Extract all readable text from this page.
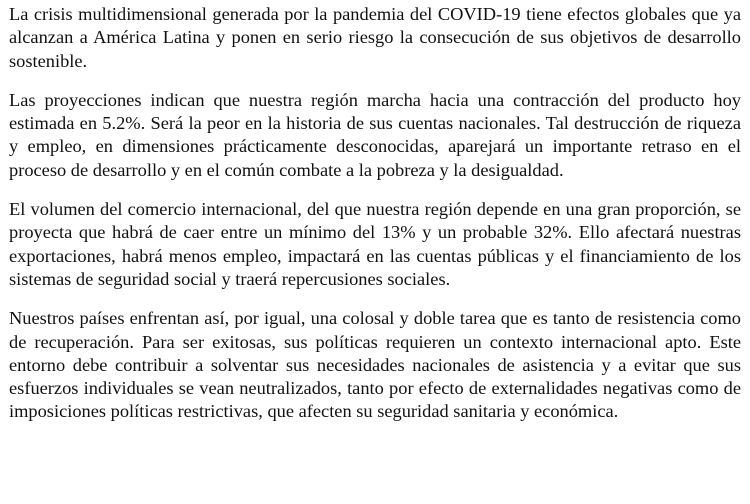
La crisis multidimensional generada por la pandemia del COVID-19 tiene efectos globales que ya alcanzan a América Latina y ponen en serio riesgo la consecución de sus objetivos de desarrollo sostenible.

Las proyecciones indican que nuestra región marcha hacia una contracción del producto hoy estimada en 5.2%. Será la peor en la historia de sus cuentas nacionales. Tal destrucción de riqueza y empleo, en dimensiones prácticamente desconocidas, aparejará un importante retraso en el proceso de desarrollo y en el común combate a la pobreza y la desigualdad.

El volumen del comercio internacional, del que nuestra región depende en una gran proporción, se proyecta que habrá de caer entre un mínimo del 13% y un probable 32%. Ello afectará nuestras exportaciones, habrá menos empleo, impactará en las cuentas públicas y el financiamiento de los sistemas de seguridad social y traerá repercusiones sociales.

Nuestros países enfrentan así, por igual, una colosal y doble tarea que es tanto de resistencia como de recuperación. Para ser exitosas, sus políticas requieren un contexto internacional apto. Este entorno debe contribuir a solventar sus necesidades nacionales de asistencia y a evitar que sus esfuerzos individuales se vean neutralizados, tanto por efecto de externalidades negativas como de imposiciones políticas restrictivas, que afecten su seguridad sanitaria y económica.
